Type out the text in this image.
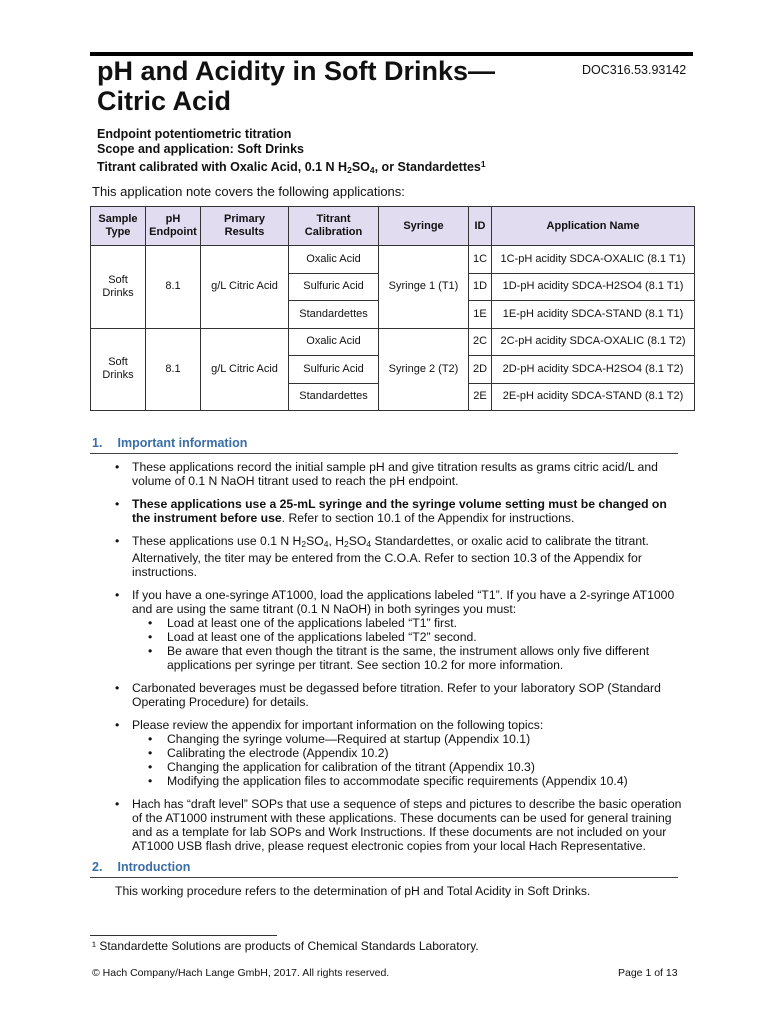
pH and Acidity in Soft Drinks—
Citric Acid
DOC316.53.93142
Endpoint potentiometric titration
Scope and application: Soft Drinks
Titrant calibrated with Oxalic Acid, 0.1 N $H_2SO_4$, or Standardettes$^1$
This application note covers the following applications:
Sample Type	pH Endpoint	Primary Results	Titrant Calibration	Syringe	ID	Application Name
Soft Drinks	8.1	g/L Citric Acid	Oxalic Acid	Syringe 1 (T1)	1C	1C-pH acidity SDCA-OXALIC (8.1 T1)
			Sulfuric Acid		1D	1D-pH acidity SDCA-H2SO4 (8.1 T1)
			Standardettes		1E	1E-pH acidity SDCA-STAND (8.1 T1)
Soft Drinks	8.1	g/L Citric Acid	Oxalic Acid	Syringe 2 (T2)	2C	2C-pH acidity SDCA-OXALIC (8.1 T2)
			Sulfuric Acid		2D	2D-pH acidity SDCA-H2SO4 (8.1 T2)
			Standardettes		2E	2E-pH acidity SDCA-STAND (8.1 T2)
1. Important information
• These applications record the initial sample pH and give titration results as grams citric acid/L and volume of 0.1 N NaOH titrant used to reach the pH endpoint.
• These applications use a 25-mL syringe and the syringe volume setting must be changed on the instrument before use. Refer to section 10.1 of the Appendix for instructions.
• These applications use 0.1 N $H_2SO_4$, $H_2SO_4$ Standardettes, or oxalic acid to calibrate the titrant. Alternatively, the titer may be entered from the C.O.A. Refer to section 10.3 of the Appendix for instructions.
• If you have a one-syringe AT1000, load the applications labeled “T1”. If you have a 2-syringe AT1000 and are using the same titrant (0.1 N NaOH) in both syringes you must:
• Load at least one of the applications labeled “T1” first.
• Load at least one of the applications labeled “T2” second.
• Be aware that even though the titrant is the same, the instrument allows only five different applications per syringe per titrant. See section 10.2 for more information.
• Carbonated beverages must be degassed before titration. Refer to your laboratory SOP (Standard Operating Procedure) for details.
• Please review the appendix for important information on the following topics:
• Changing the syringe volume—Required at startup (Appendix 10.1)
• Calibrating the electrode (Appendix 10.2)
• Changing the application for calibration of the titrant (Appendix 10.3)
• Modifying the application files to accommodate specific requirements (Appendix 10.4)
• Hach has “draft level” SOPs that use a sequence of steps and pictures to describe the basic operation of the AT1000 instrument with these applications. These documents can be used for general training and as a template for lab SOPs and Work Instructions. If these documents are not included on your AT1000 USB flash drive, please request electronic copies from your local Hach Representative.
2. Introduction
This working procedure refers to the determination of pH and Total Acidity in Soft Drinks.
¹ Standardette Solutions are products of Chemical Standards Laboratory.
© Hach Company/Hach Lange GmbH, 2017. All rights reserved.	Page 1 of 13
